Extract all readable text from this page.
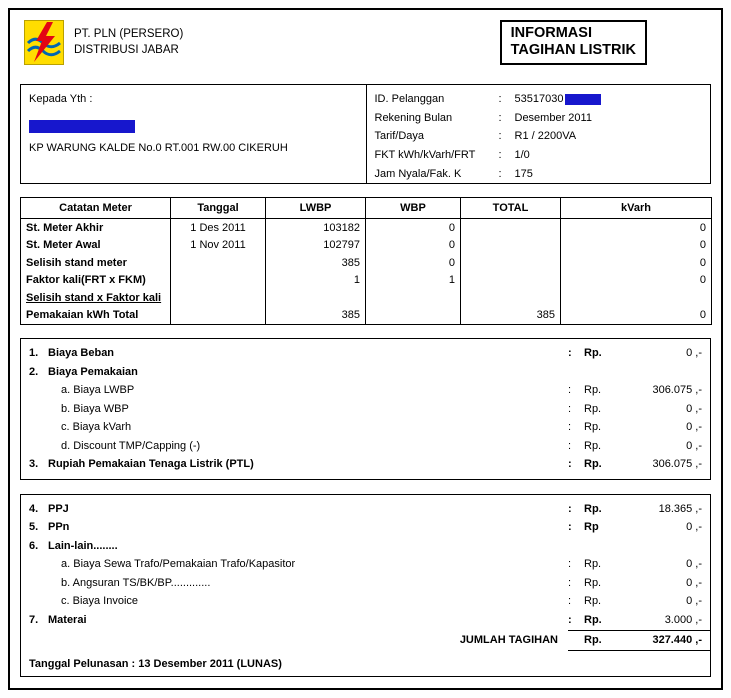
PT. PLN (PERSERO)
DISTRIBUSI JABAR
INFORMASI
TAGIHAN LISTRIK
Kepada Yth :
KP WARUNG KALDE No.0 RT.001 RW.00 CIKERUH
ID. Pelanggan	:	53517030
Rekening Bulan	:	Desember 2011
Tarif/Daya	:	R1 / 2200VA
FKT kWh/kVarh/FRT	:	1/0
Jam Nyala/Fak. K	:	175
Catatan Meter	Tanggal	LWBP	WBP	TOTAL	kVarh
St. Meter Akhir	1 Des 2011	103182	0		0
St. Meter Awal	1 Nov 2011	102797	0		0
Selisih stand meter		385	0		0
Faktor kali(FRT x FKM)		1	1		0
Selisih stand x Faktor kali					
Pemakaian kWh Total		385		385	0
1. Biaya Beban	:	Rp.	0 ,-
2. Biaya Pemakaian
a. Biaya LWBP	:	Rp.	306.075 ,-
b. Biaya WBP	:	Rp.	0 ,-
c. Biaya kVarh	:	Rp.	0 ,-
d. Discount TMP/Capping (-)	:	Rp.	0 ,-
3. Rupiah Pemakaian Tenaga Listrik (PTL)	:	Rp.	306.075 ,-
4. PPJ	:	Rp.	18.365 ,-
5. PPn	:	Rp	0 ,-
6. Lain-lain........
a. Biaya Sewa Trafo/Pemakaian Trafo/Kapasitor	:	Rp.	0 ,-
b. Angsuran TS/BK/BP.............	:	Rp.	0 ,-
c. Biaya Invoice	:	Rp.	0 ,-
7. Materai	:	Rp.	3.000 ,-
JUMLAH TAGIHAN	Rp.	327.440 ,-
Tanggal Pelunasan : 13 Desember 2011 (LUNAS)
